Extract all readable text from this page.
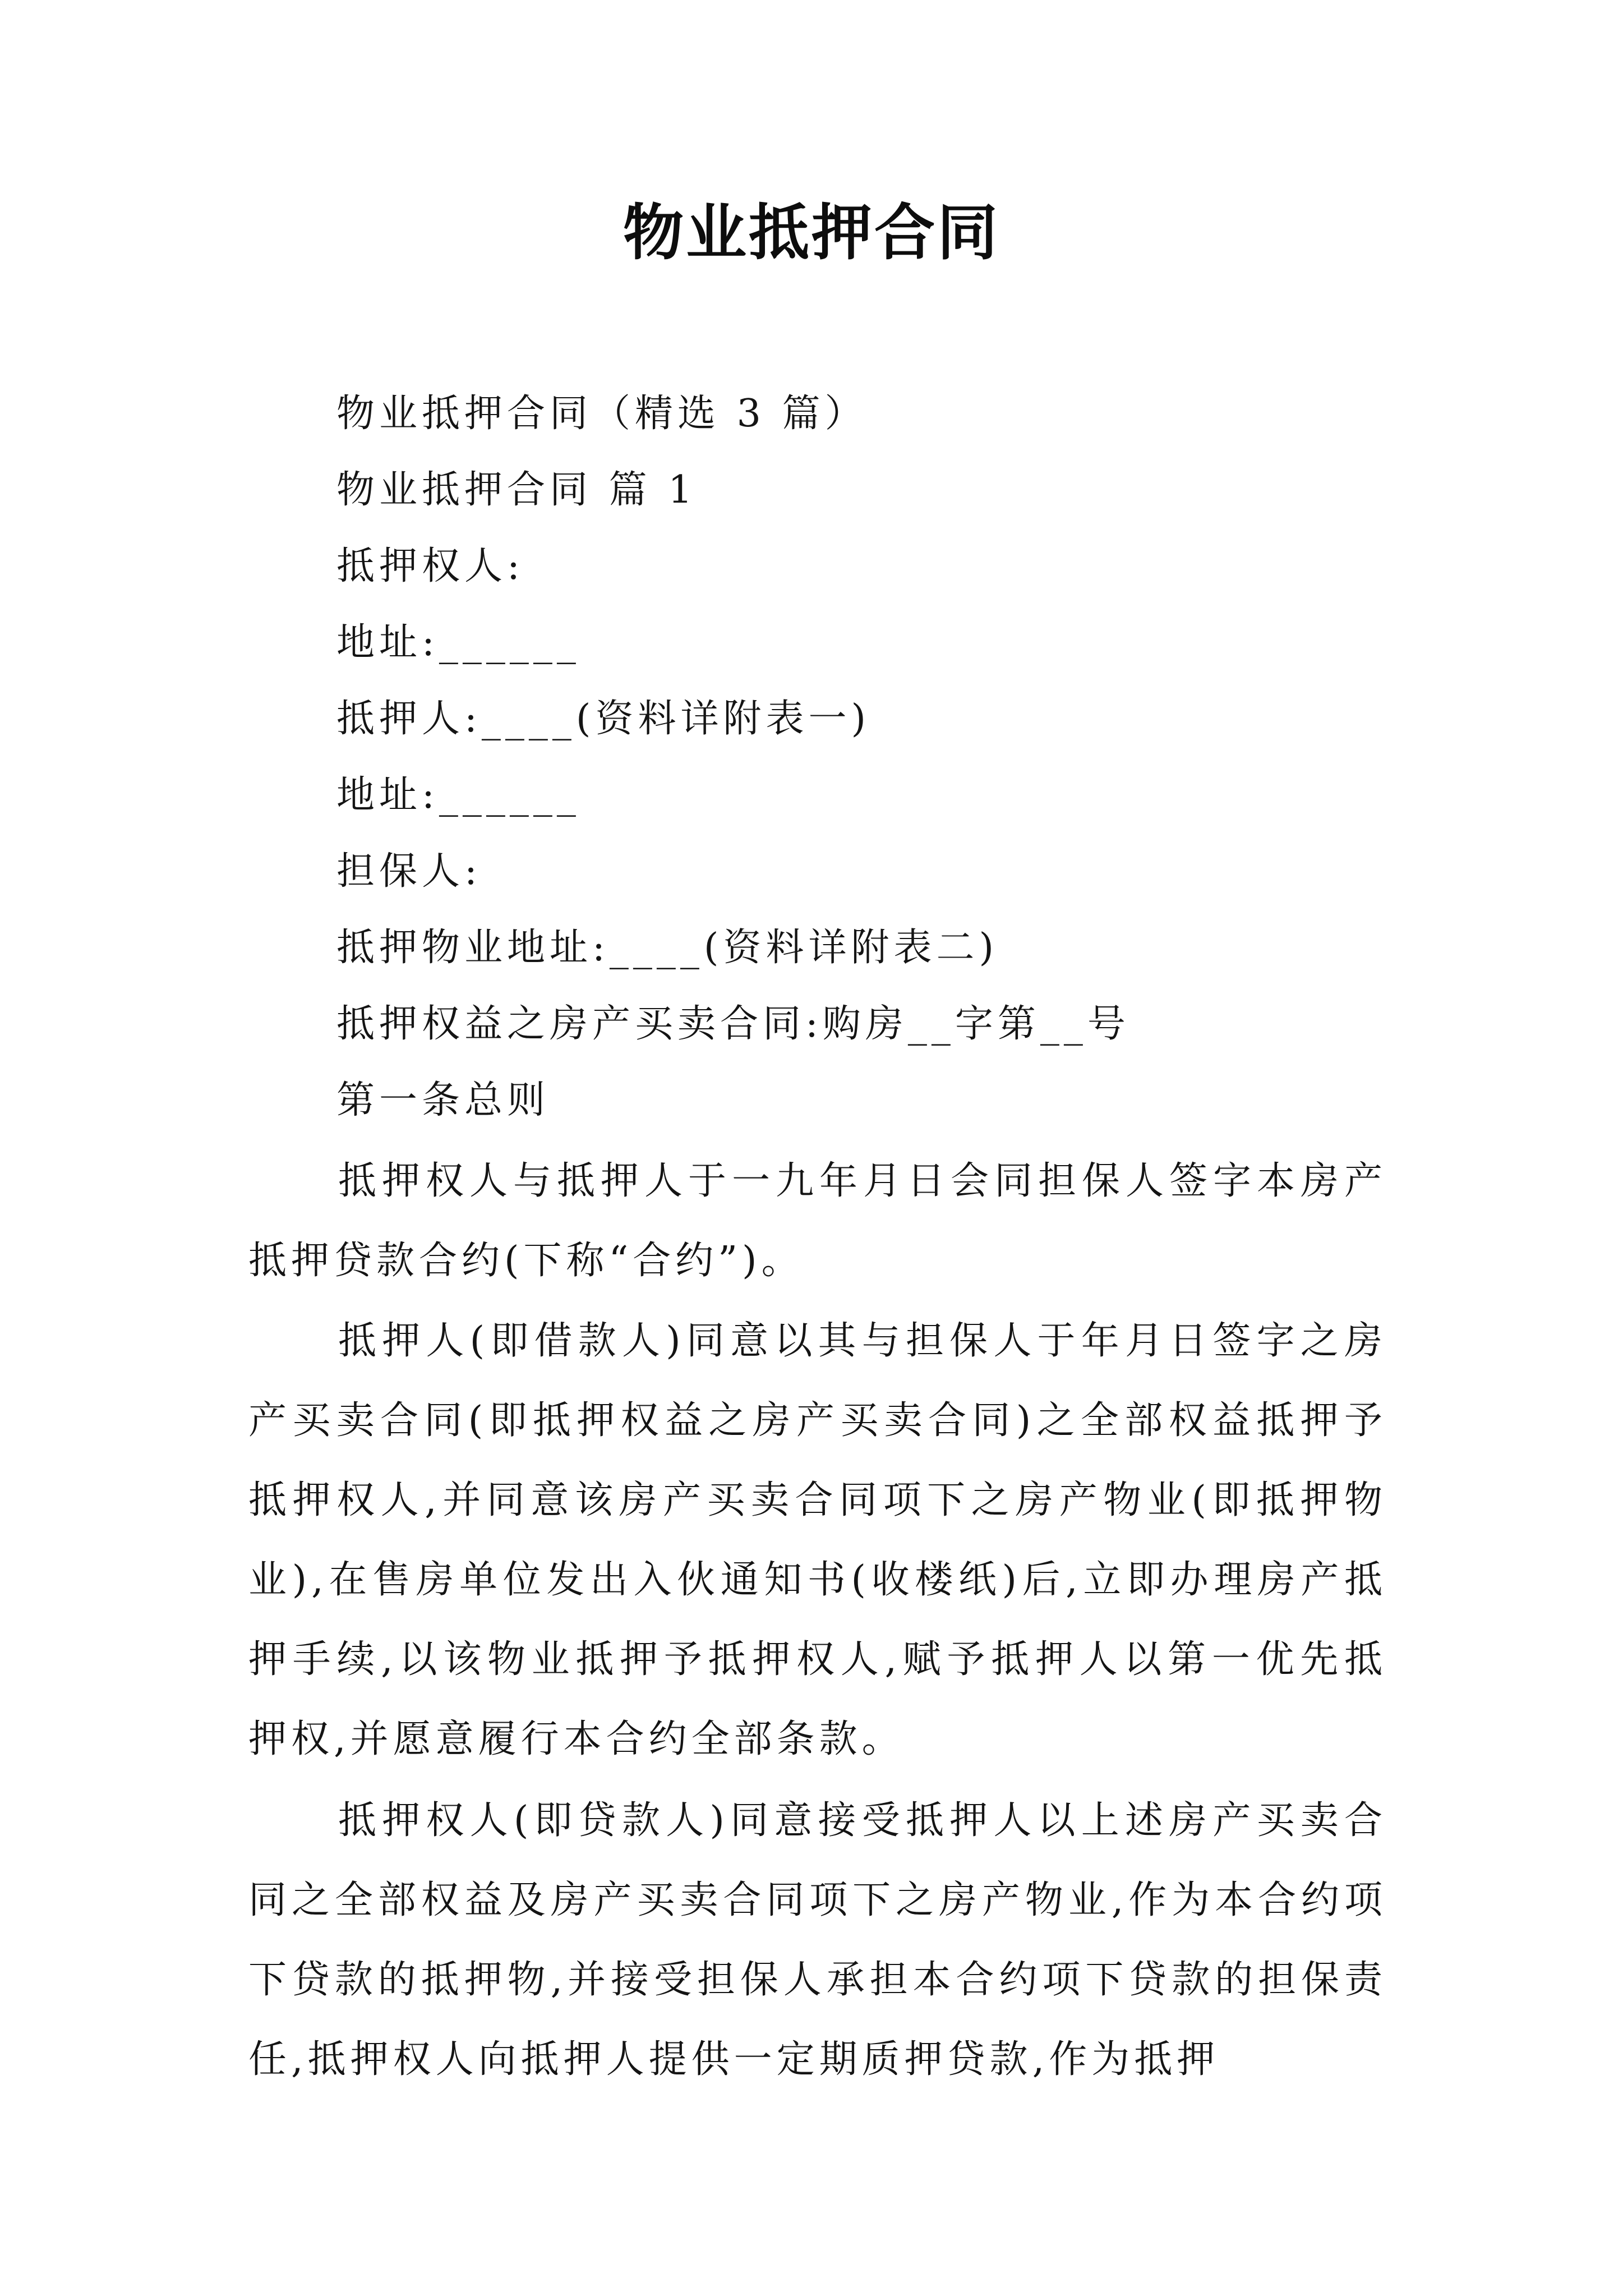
物业抵押合同
物业抵押合同（精选 3 篇）
物业抵押合同 篇 1
抵押权人:
地址:______
抵押人:____(资料详附表一)
地址:______
担保人:
抵押物业地址:____(资料详附表二)
抵押权益之房产买卖合同:购房__字第__号
第一条总则
抵押权人与抵押人于一九年月日会同担保人签字本房产抵押贷款合约(下称“合约”)。
抵押人(即借款人)同意以其与担保人于年月日签字之房产买卖合同(即抵押权益之房产买卖合同)之全部权益抵押予抵押权人,并同意该房产买卖合同项下之房产物业(即抵押物业),在售房单位发出入伙通知书(收楼纸)后,立即办理房产抵押手续,以该物业抵押予抵押权人,赋予抵押人以第一优先抵押权,并愿意履行本合约全部条款。
抵押权人(即贷款人)同意接受抵押人以上述房产买卖合同之全部权益及房产买卖合同项下之房产物业,作为本合约项下贷款的抵押物,并接受担保人承担本合约项下贷款的担保责任,抵押权人向抵押人提供一定期质押贷款,作为抵押
